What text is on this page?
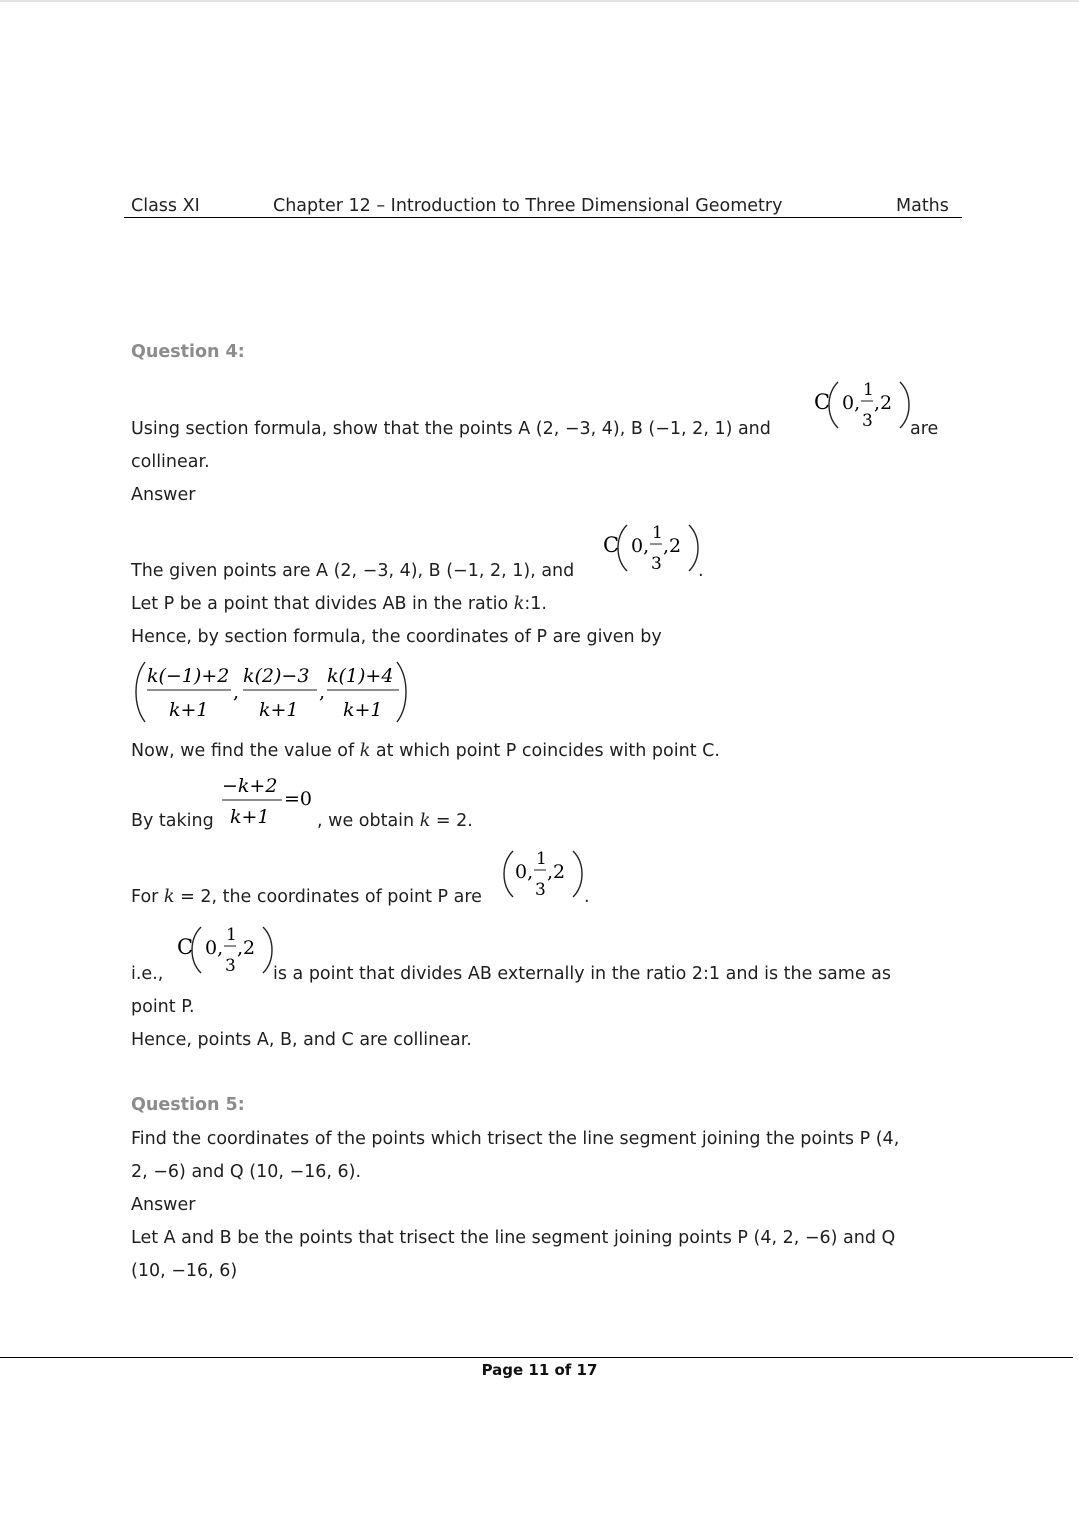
Class XI	Chapter 12 – Introduction to Three Dimensional Geometry	Maths
Question 4:
Using section formula, show that the points A (2, −3, 4), B (−1, 2, 1) and
C 0,
1
3
,2
are
collinear.
Answer
The given points are A (2, −3, 4), B (−1, 2, 1), and
C 0,
1
3
,2
.
Let P be a point that divides AB in the ratio k:1.
Hence, by section formula, the coordinates of P are given by
k(−1)+2
k+1
,
k(2)−3
k+1
,
k(1)+4
k+1
Now, we find the value of k at which point P coincides with point C.
By taking
−k+2
k+1
=0
, we obtain k = 2.
For k = 2, the coordinates of point P are
0,
1
3
,2
.
i.e.,
C 0,
1
3
,2
is a point that divides AB externally in the ratio 2:1 and is the same as
point P.
Hence, points A, B, and C are collinear.
Question 5:
Find the coordinates of the points which trisect the line segment joining the points P (4,
2, −6) and Q (10, −16, 6).
Answer
Let A and B be the points that trisect the line segment joining points P (4, 2, −6) and Q
(10, −16, 6)
Page 11 of 17
